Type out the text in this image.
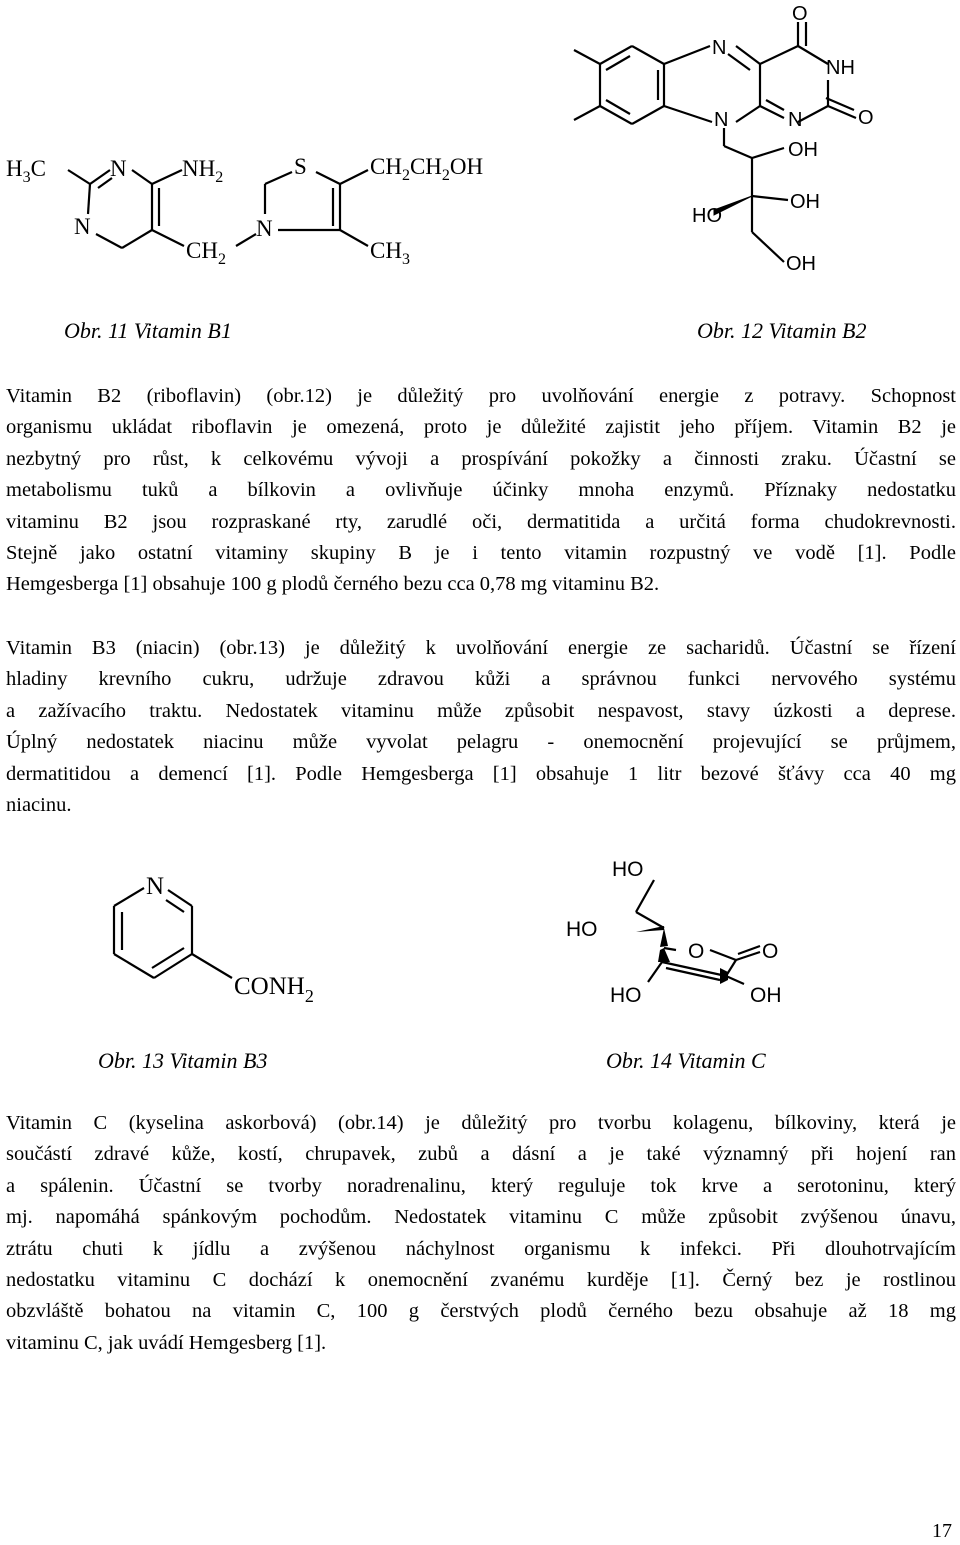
$H_3C$	N $NH_2$
N
$CH_2$
N
S	$CH_2CH_2OH$
$CH_3$
N
N	N
NH
O
O
OH
OH
HO
OH
Obr. 11 Vitamin B1	Obr. 12 Vitamin B2
Vitamin B2 (riboflavin) (obr.12) je důležitý pro uvolňování energie z potravy. Schopnost
organismu ukládat riboflavin je omezená, proto je důležité zajistit jeho příjem. Vitamin B2 je
nezbytný pro růst, k celkovému vývoji a prospívání pokožky a činnosti zraku. Účastní se
metabolismu tuků a bílkovin a ovlivňuje účinky mnoha enzymů. Příznaky nedostatku
vitaminu B2 jsou rozpraskané rty, zarudlé oči, dermatitida a určitá forma chudokrevnosti.
Stejně jako ostatní vitaminy skupiny B je i tento vitamin rozpustný ve vodě [1]. Podle
Hemgesberga [1] obsahuje 100 g plodů černého bezu cca 0,78 mg vitaminu B2.
Vitamin B3 (niacin) (obr.13) je důležitý k uvolňování energie ze sacharidů. Účastní se řízení
hladiny krevního cukru, udržuje zdravou kůži a správnou funkci nervového systému
a zažívacího traktu. Nedostatek vitaminu může způsobit nespavost, stavy úzkosti a deprese.
Úplný nedostatek niacinu může vyvolat pelagru - onemocnění projevující se průjmem,
dermatitidou a demencí [1]. Podle Hemgesberga [1] obsahuje 1 litr bezové šťávy cca 40 mg
niacinu.
N
$CONH_2$
HO
HO
O	O
HO	OH
Obr. 13 Vitamin B3	Obr. 14 Vitamin C
Vitamin C (kyselina askorbová) (obr.14) je důležitý pro tvorbu kolagenu, bílkoviny, která je
součástí zdravé kůže, kostí, chrupavek, zubů a dásní a je také významný při hojení ran
a spálenin. Účastní se tvorby noradrenalinu, který reguluje tok krve a serotoninu, který
mj. napomáhá spánkovým pochodům. Nedostatek vitaminu C může způsobit zvýšenou únavu,
ztrátu chuti k jídlu a zvýšenou náchylnost organismu k infekci. Při dlouhotrvajícím
nedostatku vitaminu C dochází k onemocnění zvanému kurděje [1]. Černý bez je rostlinou
obzvláště bohatou na vitamin C, 100 g čerstvých plodů černého bezu obsahuje až 18 mg
vitaminu C, jak uvádí Hemgesberg [1].
17
